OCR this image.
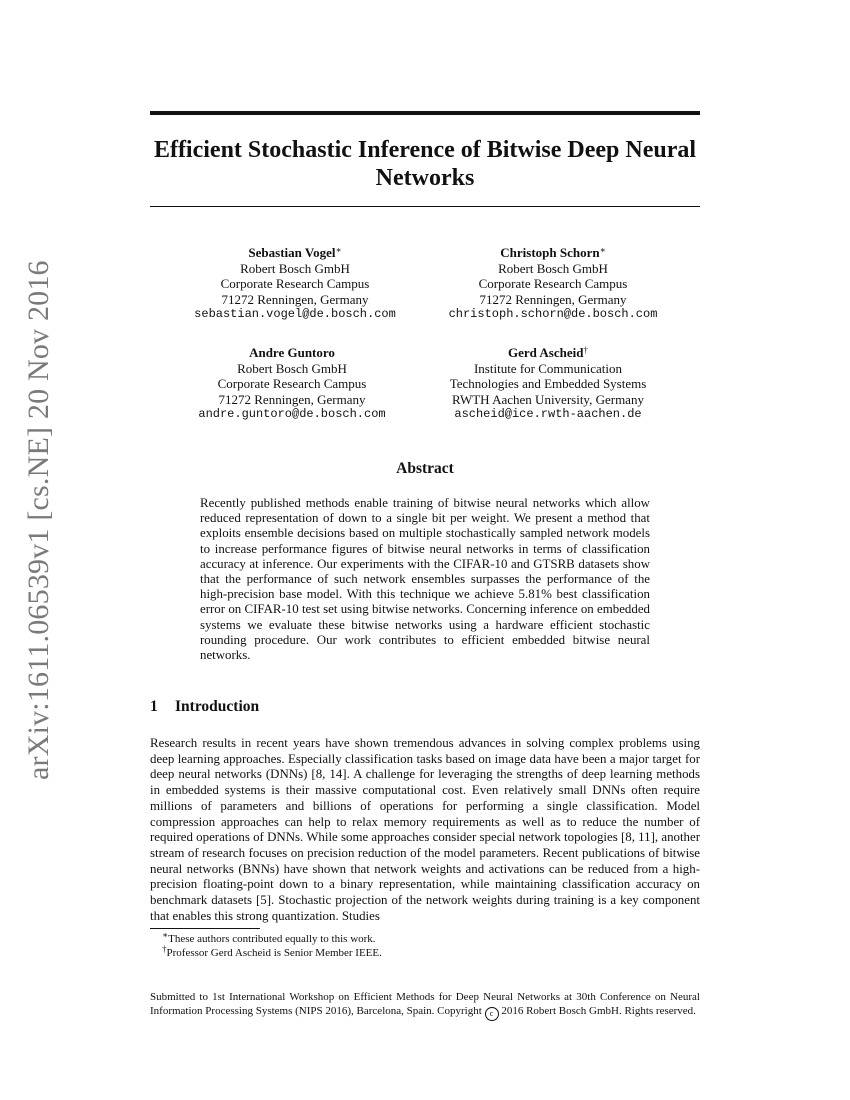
arXiv:1611.06539v1 [cs.NE] 20 Nov 2016
Efficient Stochastic Inference of Bitwise Deep Neural Networks
Sebastian Vogel∗
Robert Bosch GmbH
Corporate Research Campus
71272 Renningen, Germany
sebastian.vogel@de.bosch.com
Christoph Schorn∗
Robert Bosch GmbH
Corporate Research Campus
71272 Renningen, Germany
christoph.schorn@de.bosch.com
Andre Guntoro
Robert Bosch GmbH
Corporate Research Campus
71272 Renningen, Germany
andre.guntoro@de.bosch.com
Gerd Ascheid†
Institute for Communication
Technologies and Embedded Systems
RWTH Aachen University, Germany
ascheid@ice.rwth-aachen.de
Abstract
Recently published methods enable training of bitwise neural networks which allow reduced representation of down to a single bit per weight. We present a method that exploits ensemble decisions based on multiple stochastically sampled network models to increase performance figures of bitwise neural networks in terms of classification accuracy at inference. Our experiments with the CIFAR-10 and GTSRB datasets show that the performance of such network ensembles surpasses the performance of the high-precision base model. With this technique we achieve 5.81% best classification error on CIFAR-10 test set using bitwise networks. Concerning inference on embedded systems we evaluate these bitwise networks using a hardware efficient stochastic rounding procedure. Our work contributes to efficient embedded bitwise neural networks.
1 Introduction
Research results in recent years have shown tremendous advances in solving complex problems using deep learning approaches. Especially classification tasks based on image data have been a major target for deep neural networks (DNNs) [8, 14]. A challenge for leveraging the strengths of deep learning methods in embedded systems is their massive computational cost. Even relatively small DNNs often require millions of parameters and billions of operations for performing a single classification. Model compression approaches can help to relax memory requirements as well as to reduce the number of required operations of DNNs. While some approaches consider special network topologies [8, 11], another stream of research focuses on precision reduction of the model parameters. Recent publications of bitwise neural networks (BNNs) have shown that network weights and activations can be reduced from a high-precision floating-point down to a binary representation, while maintaining classification accuracy on benchmark datasets [5]. Stochastic projection of the network weights during training is a key component that enables this strong quantization. Studies
∗These authors contributed equally to this work.
†Professor Gerd Ascheid is Senior Member IEEE.
Submitted to 1st International Workshop on Efficient Methods for Deep Neural Networks at 30th Conference on Neural Information Processing Systems (NIPS 2016), Barcelona, Spain. Copyright c 2016 Robert Bosch GmbH. Rights reserved.
